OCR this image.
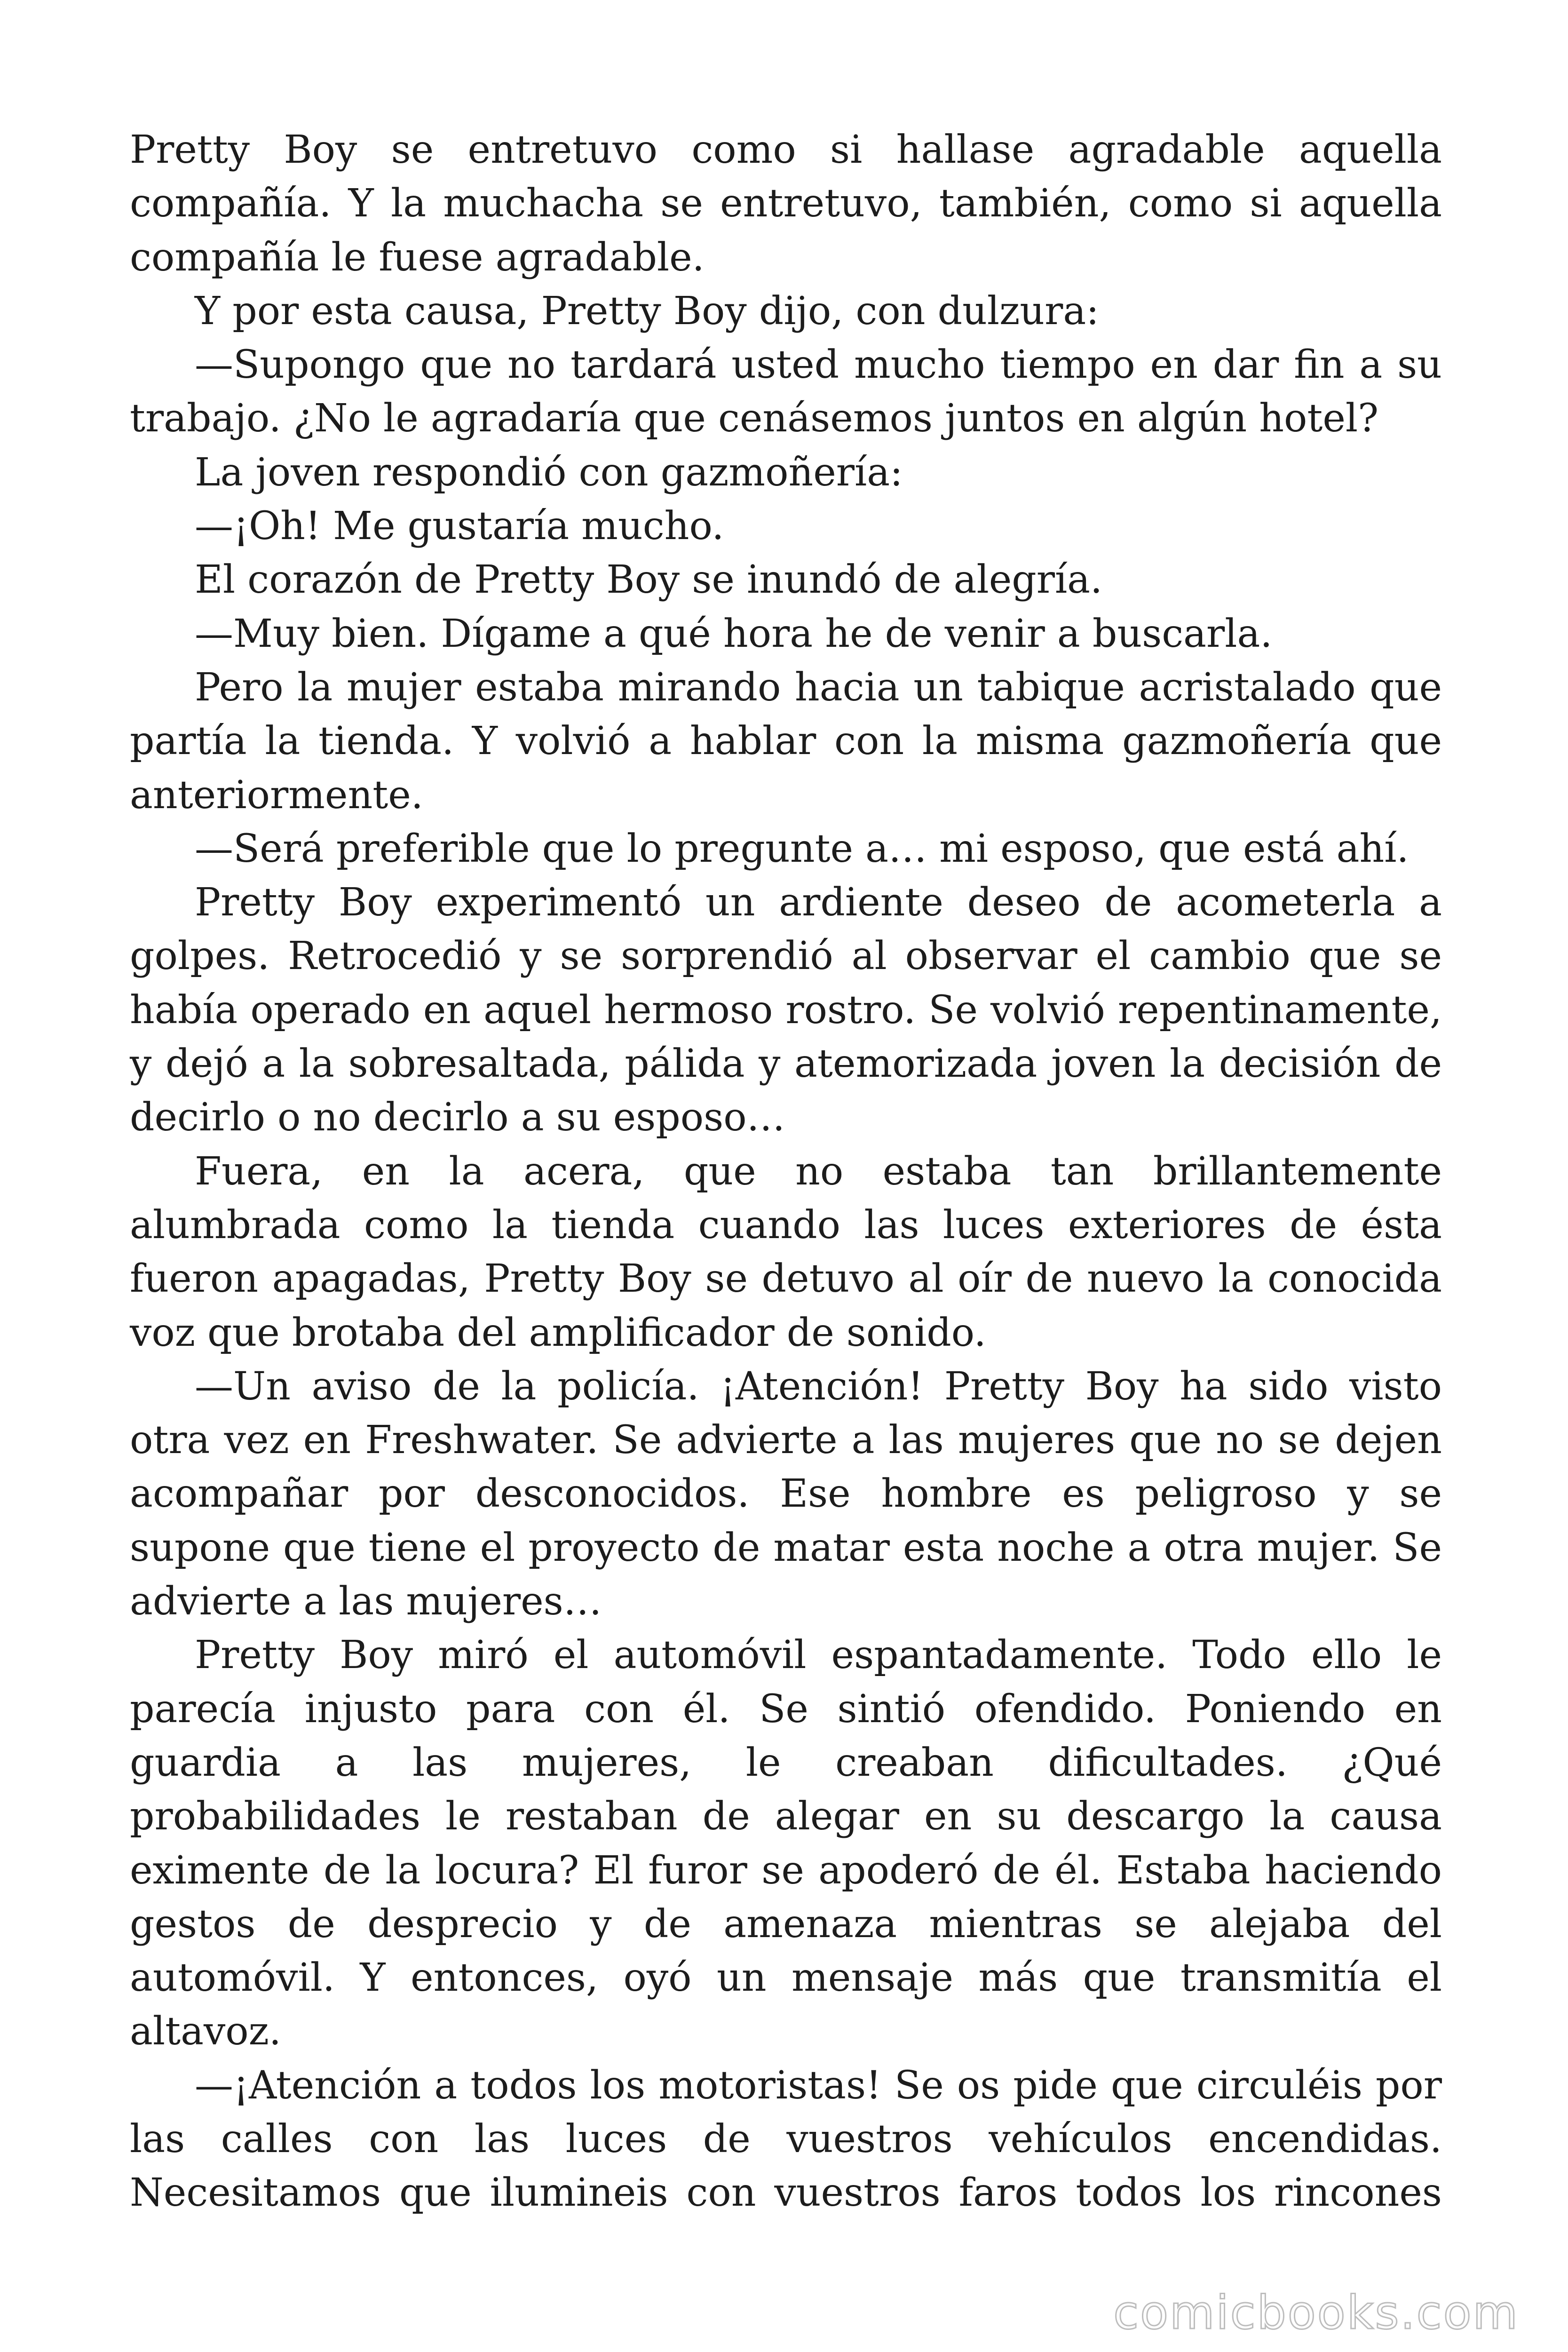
Pretty Boy se entretuvo como si hallase agradable aquella compañía. Y la muchacha se entretuvo, también, como si aquella compañía le fuese agradable.

Y por esta causa, Pretty Boy dijo, con dulzura:

—Supongo que no tardará usted mucho tiempo en dar fin a su trabajo. ¿No le agradaría que cenásemos juntos en algún hotel?

La joven respondió con gazmoñería:

—¡Oh! Me gustaría mucho.

El corazón de Pretty Boy se inundó de alegría.

—Muy bien. Dígame a qué hora he de venir a buscarla.

Pero la mujer estaba mirando hacia un tabique acristalado que partía la tienda. Y volvió a hablar con la misma gazmoñería que anteriormente.

—Será preferible que lo pregunte a… mi esposo, que está ahí.

Pretty Boy experimentó un ardiente deseo de acometerla a golpes. Retrocedió y se sorprendió al observar el cambio que se había operado en aquel hermoso rostro. Se volvió repentinamente, y dejó a la sobresaltada, pálida y atemorizada joven la decisión de decirlo o no decirlo a su esposo…

Fuera, en la acera, que no estaba tan brillantemente alumbrada como la tienda cuando las luces exteriores de ésta fueron apagadas, Pretty Boy se detuvo al oír de nuevo la conocida voz que brotaba del amplificador de sonido.

—Un aviso de la policía. ¡Atención! Pretty Boy ha sido visto otra vez en Freshwater. Se advierte a las mujeres que no se dejen acompañar por desconocidos. Ese hombre es peligroso y se supone que tiene el proyecto de matar esta noche a otra mujer. Se advierte a las mujeres…

Pretty Boy miró el automóvil espantadamente. Todo ello le parecía injusto para con él. Se sintió ofendido. Poniendo en guardia a las mujeres, le creaban dificultades. ¿Qué probabilidades le restaban de alegar en su descargo la causa eximente de la locura? El furor se apoderó de él. Estaba haciendo gestos de desprecio y de amenaza mientras se alejaba del automóvil. Y entonces, oyó un mensaje más que transmitía el altavoz.

—¡Atención a todos los motoristas! Se os pide que circuléis por las calles con las luces de vuestros vehículos encendidas. Necesitamos que ilumineis con vuestros faros todos los rincones

comicbooks.com
